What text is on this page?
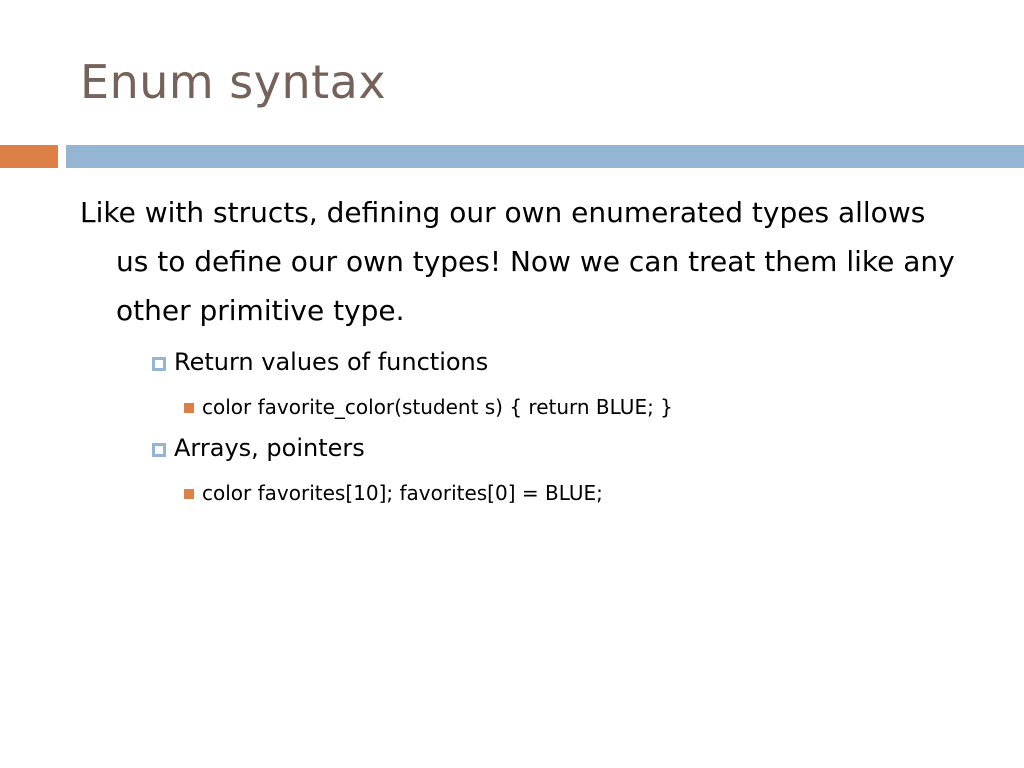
Enum syntax

Like with structs, defining our own enumerated types allows us to define our own types! Now we can treat them like any other primitive type.

Return values of functions
color favorite_color(student s) { return BLUE; }
Arrays, pointers
color favorites[10]; favorites[0] = BLUE;
